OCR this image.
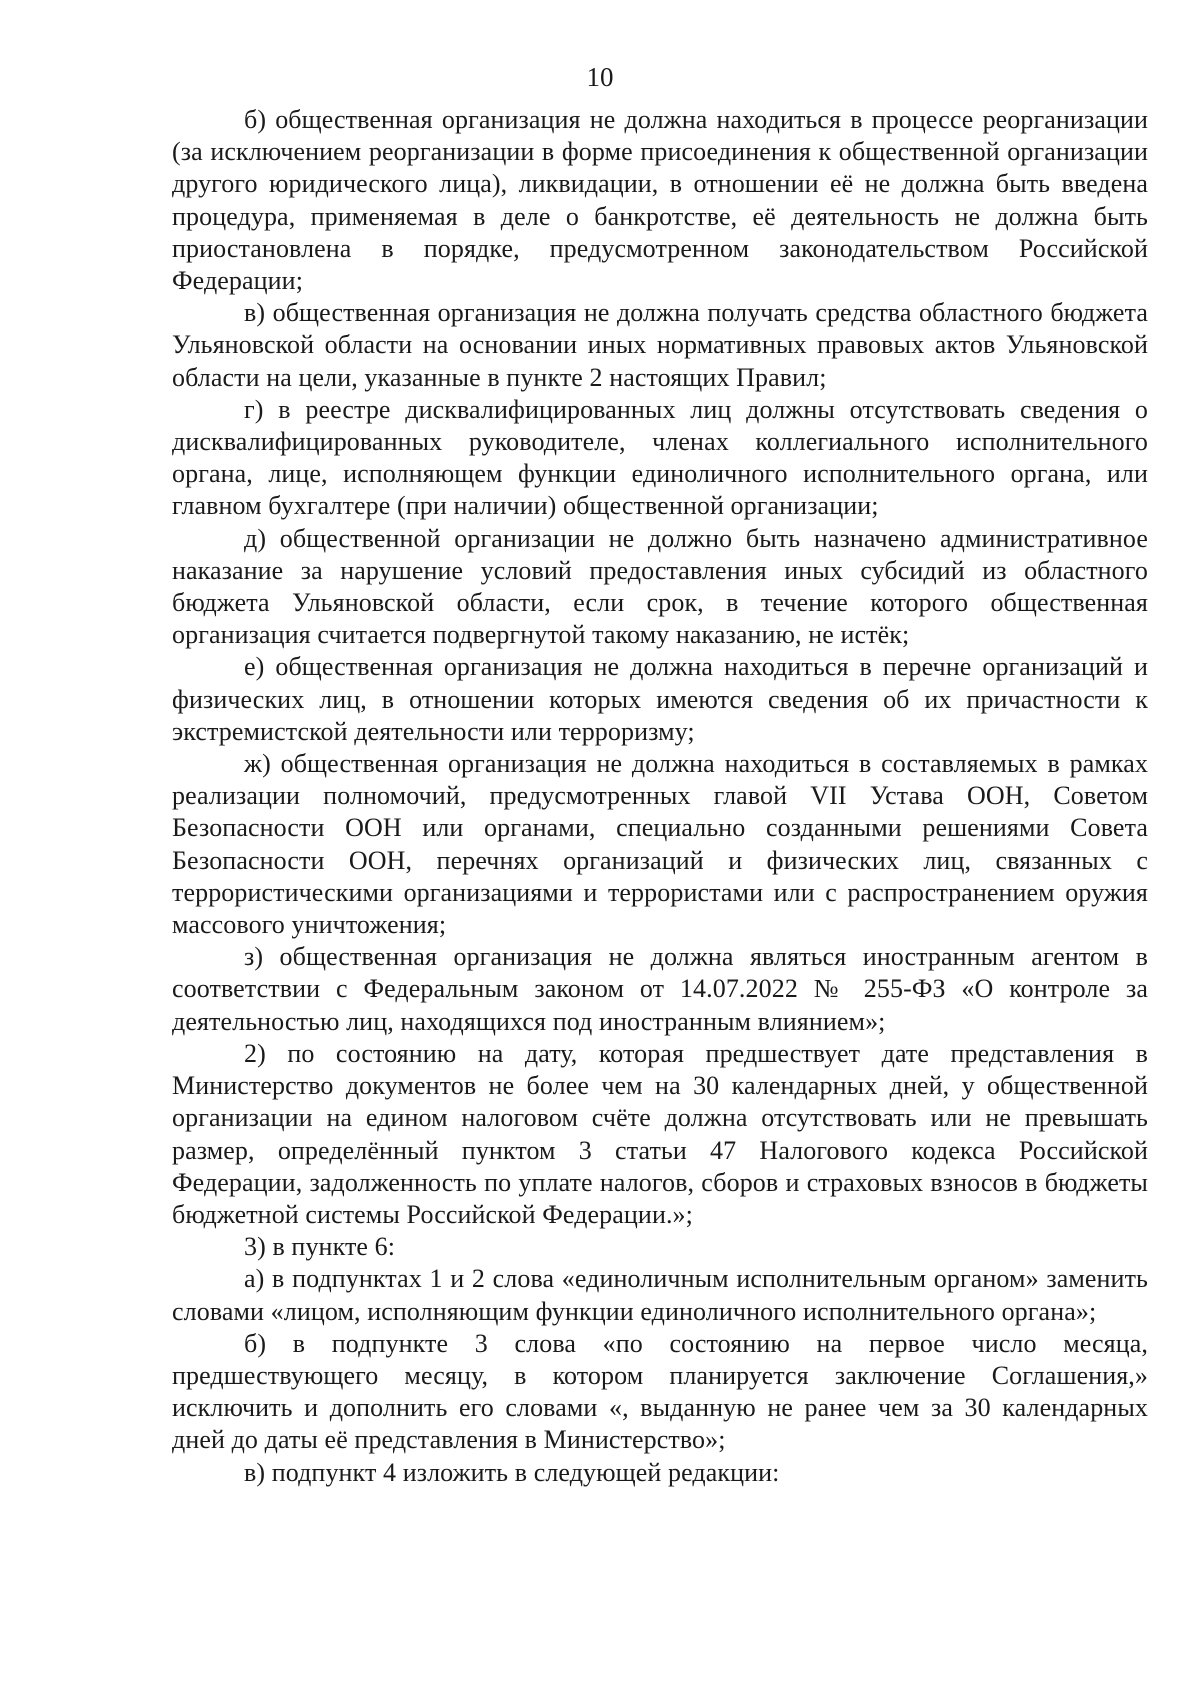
10

б) общественная организация не должна находиться в процессе реорганизации (за исключением реорганизации в форме присоединения к общественной организации другого юридического лица), ликвидации, в отношении её не должна быть введена процедура, применяемая в деле о банкротстве, её деятельность не должна быть приостановлена в порядке, предусмотренном законодательством Российской Федерации;

в) общественная организация не должна получать средства областного бюджета Ульяновской области на основании иных нормативных правовых актов Ульяновской области на цели, указанные в пункте 2 настоящих Правил;

г) в реестре дисквалифицированных лиц должны отсутствовать сведения о дисквалифицированных руководителе, членах коллегиального исполнительного органа, лице, исполняющем функции единоличного исполнительного органа, или главном бухгалтере (при наличии) общественной организации;

д) общественной организации не должно быть назначено административное наказание за нарушение условий предоставления иных субсидий из областного бюджета Ульяновской области, если срок, в течение которого общественная организация считается подвергнутой такому наказанию, не истёк;

е) общественная организация не должна находиться в перечне организаций и физических лиц, в отношении которых имеются сведения об их причастности к экстремистской деятельности или терроризму;

ж) общественная организация не должна находиться в составляемых в рамках реализации полномочий, предусмотренных главой VII Устава ООН, Советом Безопасности ООН или органами, специально созданными решениями Совета Безопасности ООН, перечнях организаций и физических лиц, связанных с террористическими организациями и террористами или с распространением оружия массового уничтожения;

з) общественная организация не должна являться иностранным агентом в соответствии с Федеральным законом от 14.07.2022 № 255-ФЗ «О контроле за деятельностью лиц, находящихся под иностранным влиянием»;

2) по состоянию на дату, которая предшествует дате представления в Министерство документов не более чем на 30 календарных дней, у общественной организации на едином налоговом счёте должна отсутствовать или не превышать размер, определённый пунктом 3 статьи 47 Налогового кодекса Российской Федерации, задолженность по уплате налогов, сборов и страховых взносов в бюджеты бюджетной системы Российской Федерации.»;

3) в пункте 6:

а) в подпунктах 1 и 2 слова «единоличным исполнительным органом» заменить словами «лицом, исполняющим функции единоличного исполнительного органа»;

б) в подпункте 3 слова «по состоянию на первое число месяца, предшествующего месяцу, в котором планируется заключение Соглашения,» исключить и дополнить его словами «, выданную не ранее чем за 30 календарных дней до даты её представления в Министерство»;

в) подпункт 4 изложить в следующей редакции:
